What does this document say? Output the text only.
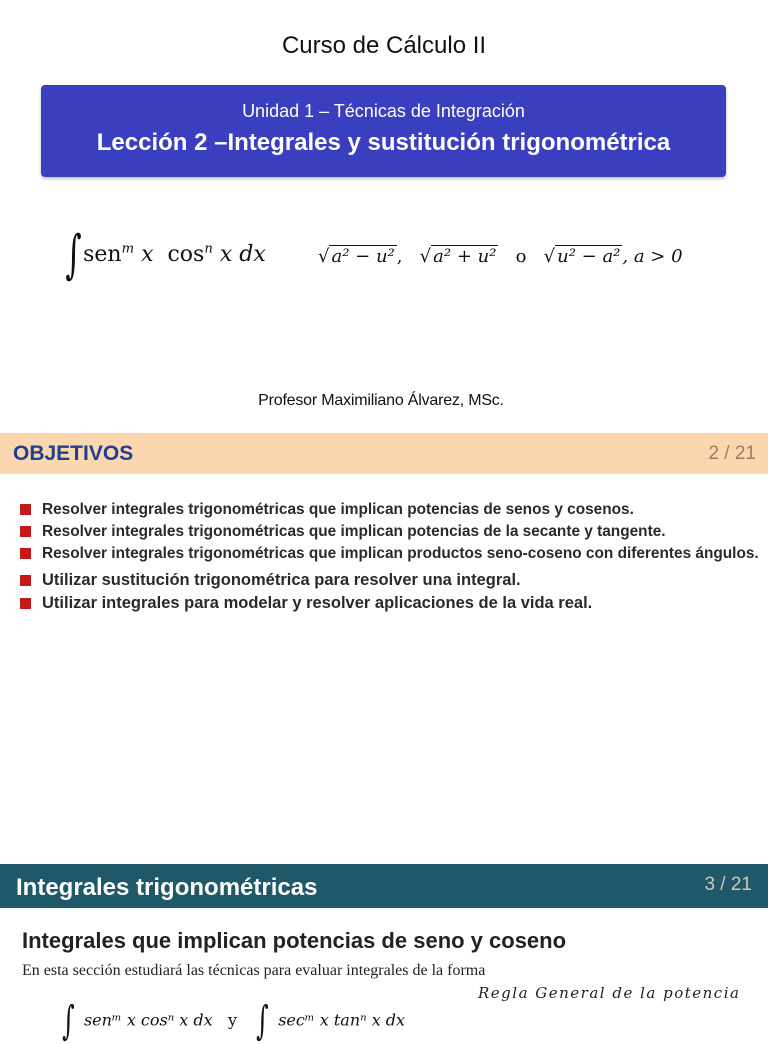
Curso de Cálculo II
Unidad 1 – Técnicas de Integración
Lección 2 –Integrales y sustitución trigonométrica
∫sen$^m$ x  $\cos^n x$ dx	√ a² − u² , √ a² + u² o √ u² − a² , a > 0
Profesor Maximiliano Álvarez, MSc.
OBJETIVOS	2 / 21
Resolver integrales trigonométricas que implican potencias de senos y cosenos.
Resolver integrales trigonométricas que implican potencias de la secante y tangente.
Resolver integrales trigonométricas que implican productos seno-coseno con diferentes ángulos.
Utilizar sustitución trigonométrica para resolver una integral.
Utilizar integrales para modelar y resolver aplicaciones de la vida real.
Integrales trigonométricas	3 / 21
Integrales que implican potencias de seno y coseno
En esta sección estudiará las técnicas para evaluar integrales de la forma
∫ senᵐ x cosⁿ x dx y ∫ secᵐ x tanⁿ x dx
Regla General de la potencia
